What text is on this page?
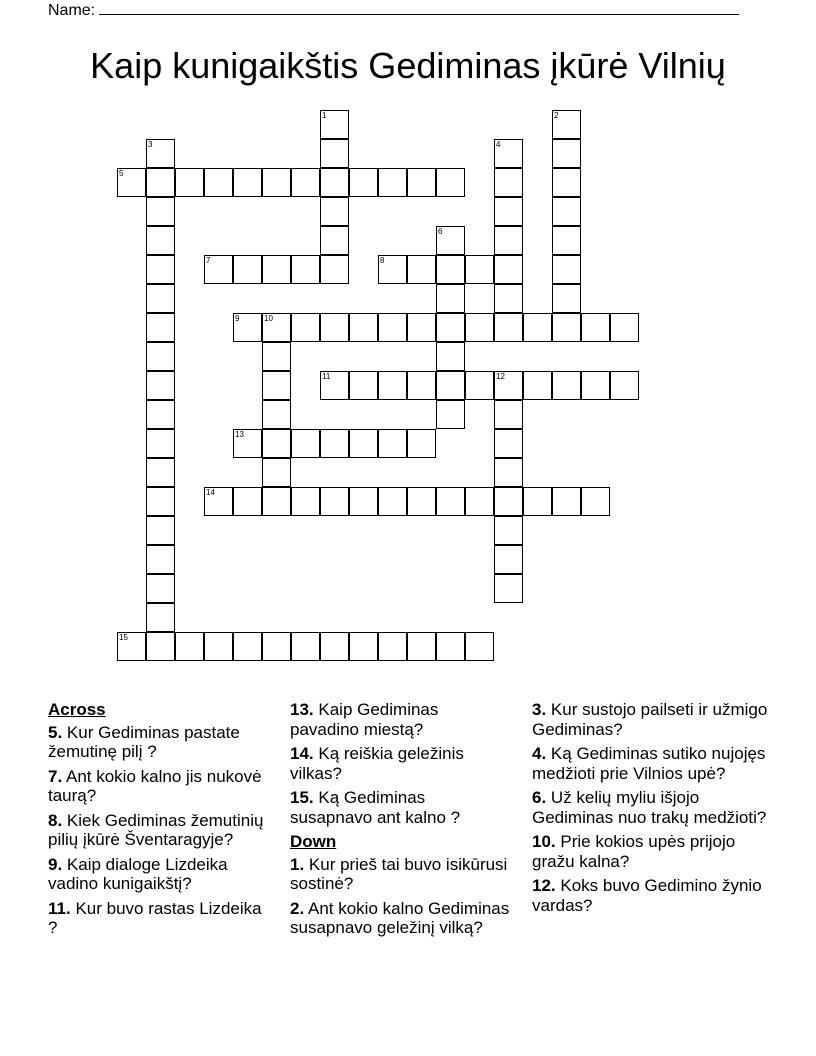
Name:
Kaip kunigaikštis Gediminas įkūrė Vilnių
1	2
3	4
5
6
7	8
9	10
11	12
13
14
15
Across
5. Kur Gediminas pastate žemutinę pilį ?
7. Ant kokio kalno jis nukovė taurą?
8. Kiek Gediminas žemutinių pilių įkūrė Šventaragyje?
9. Kaip dialoge Lizdeika vadino kunigaikštį?
11. Kur buvo rastas Lizdeika ?
13. Kaip Gediminas pavadino miestą?
14. Ką reiškia geležinis vilkas?
15. Ką Gediminas susapnavo ant kalno ?
Down
1. Kur prieš tai buvo isikūrusi sostinė?
2. Ant kokio kalno Gediminas susapnavo geležinį vilką?
3. Kur sustojo pailseti ir užmigo Gediminas?
4. Ką Gediminas sutiko nujojęs medžioti prie Vilnios upė?
6. Už kelių myliu išjojo Gediminas nuo trakų medžioti?
10. Prie kokios upės prijojo gražu kalna?
12. Koks buvo Gedimino žynio vardas?
